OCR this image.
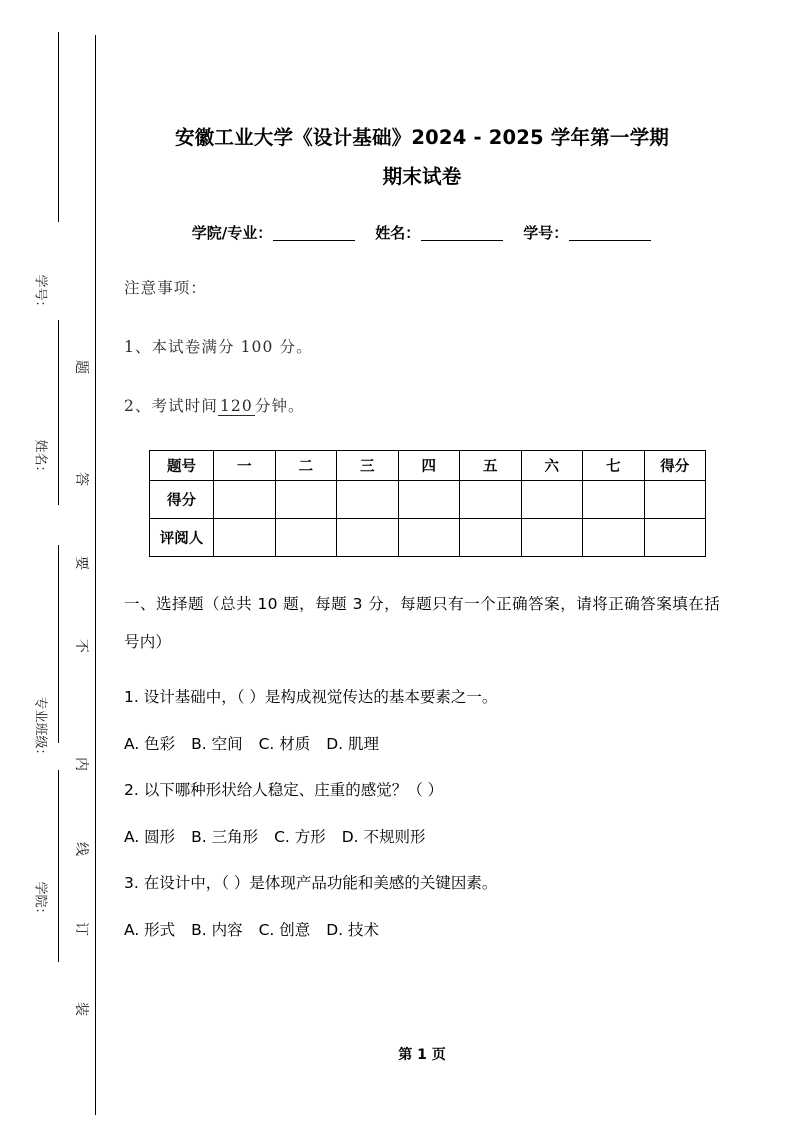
装
订
线
内
不
要
答
题
学号：
姓名：
专业班级：
学院：
安徽工业大学《设计基础》2024 - 2025 学年第一学期
期末试卷
学院/专业：	姓名：	学号：

注意事项：

1、本试卷满分 100 分。

2、考试时间 120 分钟。

题号	一	二	三	四	五	六	七	得分
得分								
评阅人								

一、选择题（总共 10 题，每题 3 分，每题只有一个正确答案，请将正确答案填在括号内）

1. 设计基础中，（ ）是构成视觉传达的基本要素之一。

A. 色彩 B. 空间 C. 材质 D. 肌理

2. 以下哪种形状给人稳定、庄重的感觉？（ ）

A. 圆形 B. 三角形 C. 方形 D. 不规则形

3. 在设计中，（ ）是体现产品功能和美感的关键因素。

A. 形式 B. 内容 C. 创意 D. 技术

第 1 页
